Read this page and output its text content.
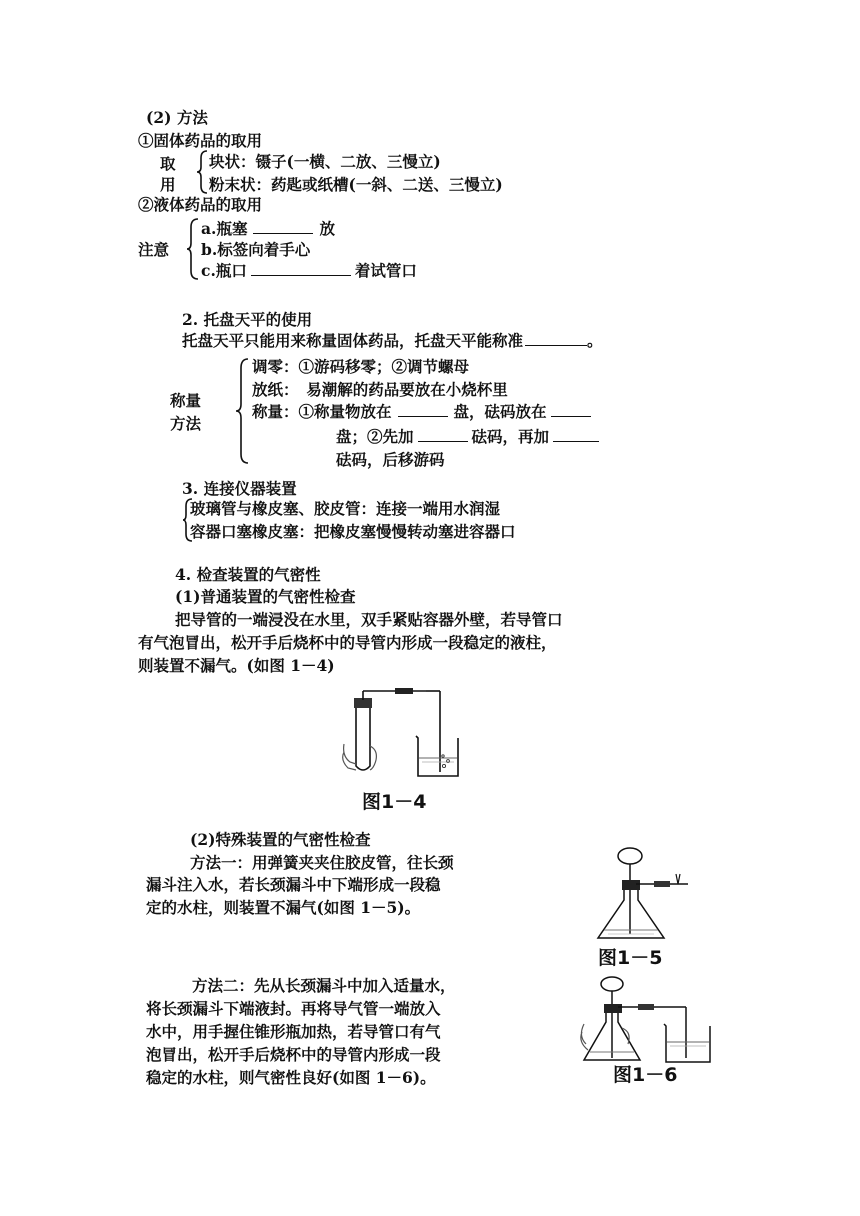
(2) 方法
①固体药品的取用
取
用
块状：镊子(一横、二放、三慢立)
粉末状：药匙或纸槽(一斜、二送、三慢立)
②液体药品的取用
注意
a.瓶塞	放
b.标签向着手心
c.瓶口	着试管口
2. 托盘天平的使用
托盘天平只能用来称量固体药品，托盘天平能称准	。
称量
方法
调零：①游码移零；②调节螺母
放纸：　易潮解的药品要放在小烧杯里
称量：①称量物放在	盘，砝码放在
盘；②先加	砝码，再加
砝码，后移游码
3. 连接仪器装置
玻璃管与橡皮塞、胶皮管：连接一端用水润湿
容器口塞橡皮塞：把橡皮塞慢慢转动塞进容器口
4. 检查装置的气密性
(1)普通装置的气密性检查
把导管的一端浸没在水里，双手紧贴容器外壁，若导管口
有气泡冒出，松开手后烧杯中的导管内形成一段稳定的液柱，
则装置不漏气。(如图 1－4)
图1－4
(2)特殊装置的气密性检查
方法一：用弹簧夹夹住胶皮管，往长颈
漏斗注入水，若长颈漏斗中下端形成一段稳
定的水柱，则装置不漏气(如图 1－5)。
图1－5
方法二：先从长颈漏斗中加入适量水，
将长颈漏斗下端液封。再将导气管一端放入
水中，用手握住锥形瓶加热，若导管口有气
泡冒出，松开手后烧杯中的导管内形成一段
稳定的水柱，则气密性良好(如图 1－6)。	图1－6
